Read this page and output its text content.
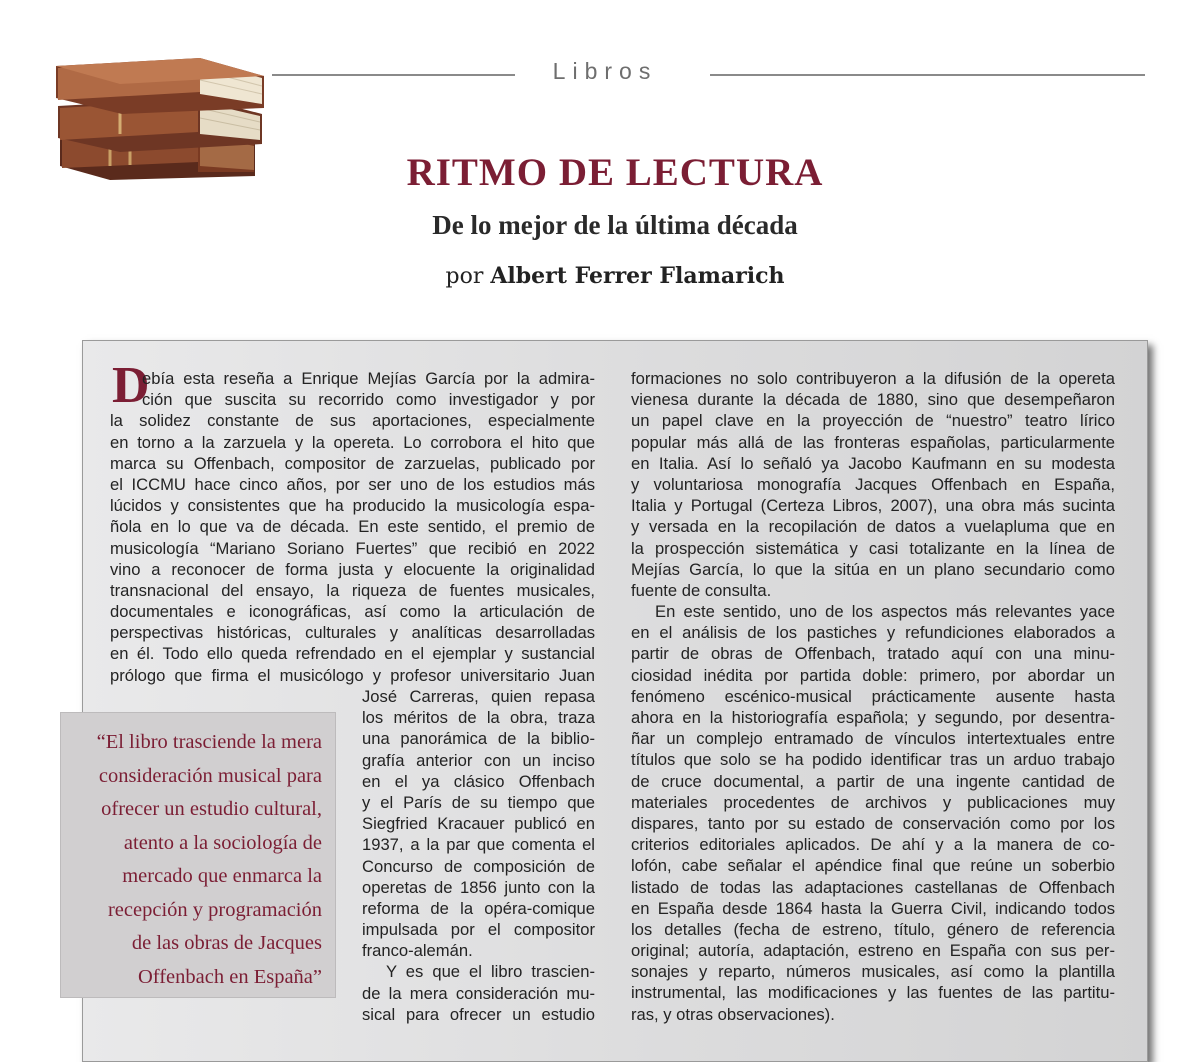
Libros
RITMO DE LECTURA
De lo mejor de la última década
por Albert Ferrer Flamarich
D
ebía esta reseña a Enrique Mejías García por la admira-
ción que suscita su recorrido como investigador y por
la solidez constante de sus aportaciones, especialmente
en torno a la zarzuela y la opereta. Lo corrobora el hito que
marca su Offenbach, compositor de zarzuelas, publicado por
el ICCMU hace cinco años, por ser uno de los estudios más
lúcidos y consistentes que ha producido la musicología espa-
ñola en lo que va de década. En este sentido, el premio de
musicología “Mariano Soriano Fuertes” que recibió en 2022
vino a reconocer de forma justa y elocuente la originalidad
transnacional del ensayo, la riqueza de fuentes musicales,
documentales e iconográficas, así como la articulación de
perspectivas históricas, culturales y analíticas desarrolladas
en él. Todo ello queda refrendado en el ejemplar y sustancial
prólogo que firma el musicólogo y profesor universitario Juan
José Carreras, quien repasa
los méritos de la obra, traza
una panorámica de la biblio-
grafía anterior con un inciso
en el ya clásico Offenbach
y el París de su tiempo que
Siegfried Kracauer publicó en
1937, a la par que comenta el
Concurso de composición de
operetas de 1856 junto con la
reforma de la opéra-comique
impulsada por el compositor
franco-alemán.
Y es que el libro trascien-
de la mera consideración mu-
sical para ofrecer un estudio
formaciones no solo contribuyeron a la difusión de la opereta
vienesa durante la década de 1880, sino que desempeñaron
un papel clave en la proyección de “nuestro” teatro lírico
popular más allá de las fronteras españolas, particularmente
en Italia. Así lo señaló ya Jacobo Kaufmann en su modesta
y voluntariosa monografía Jacques Offenbach en España,
Italia y Portugal (Certeza Libros, 2007), una obra más sucinta
y versada en la recopilación de datos a vuelapluma que en
la prospección sistemática y casi totalizante en la línea de
Mejías García, lo que la sitúa en un plano secundario como
fuente de consulta.
En este sentido, uno de los aspectos más relevantes yace
en el análisis de los pastiches y refundiciones elaborados a
partir de obras de Offenbach, tratado aquí con una minu-
ciosidad inédita por partida doble: primero, por abordar un
fenómeno escénico-musical prácticamente ausente hasta
ahora en la historiografía española; y segundo, por desentra-
ñar un complejo entramado de vínculos intertextuales entre
títulos que solo se ha podido identificar tras un arduo trabajo
de cruce documental, a partir de una ingente cantidad de
materiales procedentes de archivos y publicaciones muy
dispares, tanto por su estado de conservación como por los
criterios editoriales aplicados. De ahí y a la manera de co-
lofón, cabe señalar el apéndice final que reúne un soberbio
listado de todas las adaptaciones castellanas de Offenbach
en España desde 1864 hasta la Guerra Civil, indicando todos
los detalles (fecha de estreno, título, género de referencia
original; autoría, adaptación, estreno en España con sus per-
sonajes y reparto, números musicales, así como la plantilla
instrumental, las modificaciones y las fuentes de las partitu-
ras, y otras observaciones).
“El libro trasciende la mera
consideración musical para
ofrecer un estudio cultural,
atento a la sociología de
mercado que enmarca la
recepción y programación
de las obras de Jacques
Offenbach en España”
